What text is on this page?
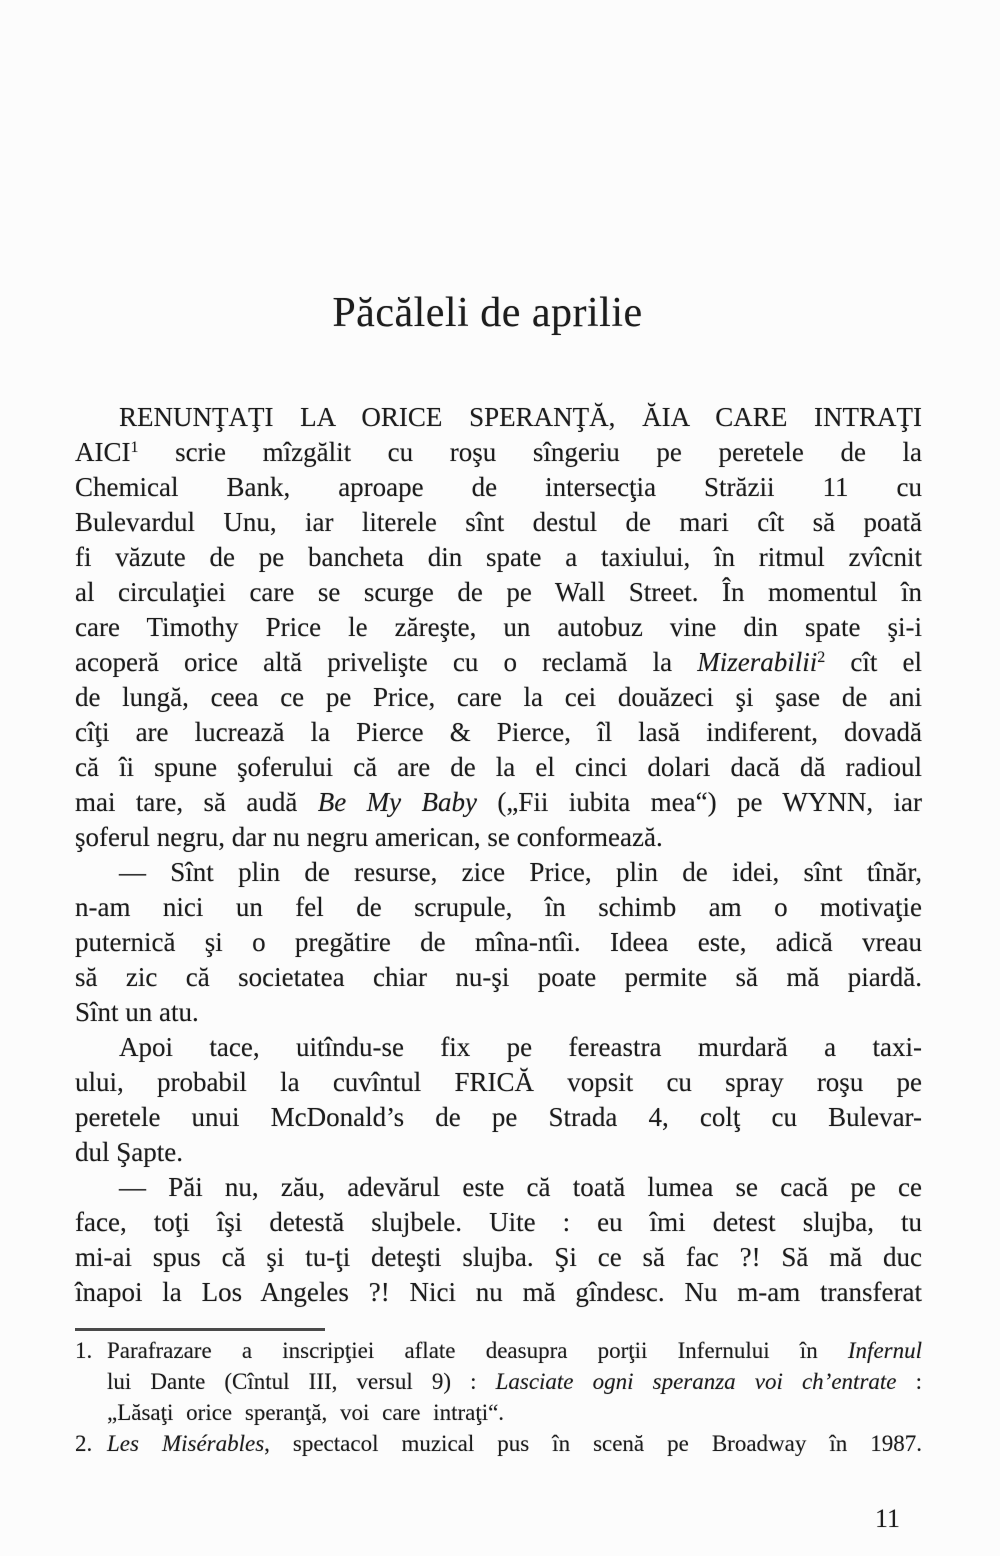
Păcăleli de aprilie
RENUNŢAŢI LA ORICE SPERANŢĂ, ĂIA CARE INTRAŢI
AICI$^1$ scrie mîzgălit cu roşu sîngeriu pe peretele de la
Chemical Bank, aproape de intersecţia Străzii 11 cu
Bulevardul Unu, iar literele sînt destul de mari cît să poată
fi văzute de pe bancheta din spate a taxiului, în ritmul zvîcnit
al circulaţiei care se scurge de pe Wall Street. În momentul în
care Timothy Price le zăreşte, un autobuz vine din spate şi-i
acoperă orice altă privelişte cu o reclamă la Mizerabilii$^2$ cît el
de lungă, ceea ce pe Price, care la cei douăzeci şi şase de ani
cîţi are lucrează la Pierce & Pierce, îl lasă indiferent, dovadă
că îi spune şoferului că are de la el cinci dolari dacă dă radioul
mai tare, să audă Be My Baby („Fii iubita mea“) pe WYNN, iar
şoferul negru, dar nu negru american, se conformează.
— Sînt plin de resurse, zice Price, plin de idei, sînt tînăr,
n-am nici un fel de scrupule, în schimb am o motivaţie
puternică şi o pregătire de mîna-ntîi. Ideea este, adică vreau
să zic că societatea chiar nu-şi poate permite să mă piardă.
Sînt un atu.
Apoi tace, uitîndu-se fix pe fereastra murdară a taxi-
ului, probabil la cuvîntul FRICĂ vopsit cu spray roşu pe
peretele unui McDonald’s de pe Strada 4, colţ cu Bulevar-
dul Şapte.
— Păi nu, zău, adevărul este că toată lumea se cacă pe ce
face, toţi îşi detestă slujbele. Uite : eu îmi detest slujba, tu
mi-ai spus că şi tu-ţi deteşti slujba. Şi ce să fac ?! Să mă duc
înapoi la Los Angeles ?! Nici nu mă gîndesc. Nu m-am transferat
1. Parafrazare a inscripţiei aflate deasupra porţii Infernului în Infernul
lui Dante (Cîntul III, versul 9) : Lasciate ogni speranza voi ch’entrate :
„Lăsaţi orice speranţă, voi care intraţi“.
2. Les Misérables, spectacol muzical pus în scenă pe Broadway în 1987.
11
